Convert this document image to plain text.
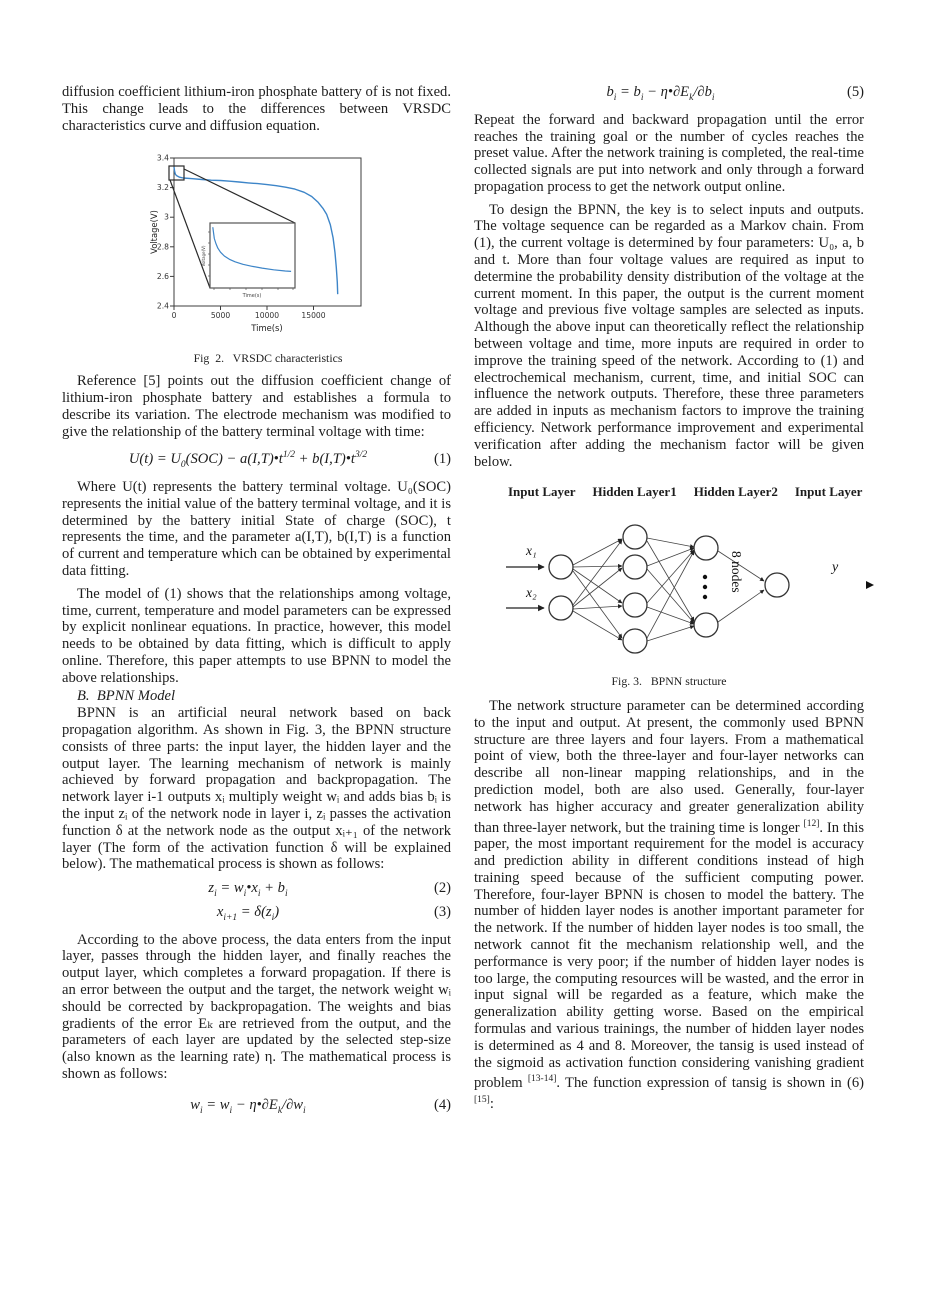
diffusion coefficient lithium-iron phosphate battery of is not fixed. This change leads to the differences between VRSDC characteristics curve and diffusion equation.

3.4
3.2
3
2.8
2.6
2.4
0	5000	10000	15000
Time(s)
Voltage(V)
Time(s)
Voltage(V)
Fig  2.   VRSDC characteristics

Reference [5] points out the diffusion coefficient change of lithium-iron phosphate battery and establishes a formula to describe its variation. The electrode mechanism was modified to give the relationship of the battery terminal voltage with time:

$U(t) = U_0(SOC)$ − $a(I,T)•t^{1/2}$ + $b(I,T)•t^{3/2}$	(1)

Where U(t) represents the battery terminal voltage. U₀(SOC) represents the initial value of the battery terminal voltage, and it is determined by the battery initial State of charge (SOC), t represents the time, and the parameter a(I,T), b(I,T) is a function of current and temperature which can be obtained by experimental data fitting.

The model of (1) shows that the relationships among voltage, time, current, temperature and model parameters can be expressed by explicit nonlinear equations. In practice, however, this model needs to be obtained by data fitting, which is difficult to apply online. Therefore, this paper attempts to use BPNN to model the above relationships.

B.  BPNN Model

BPNN is an artificial neural network based on back propagation algorithm. As shown in Fig. 3, the BPNN structure consists of three parts: the input layer, the hidden layer and the output layer. The learning mechanism of network is mainly achieved by forward propagation and backpropagation. The network layer i-1 outputs xᵢ multiply weight wᵢ and adds bias bᵢ is the input zᵢ of the network node in layer i, zᵢ passes the activation function δ at the network node as the output xᵢ₊₁ of the network layer (The form of the activation function δ will be explained below). The mathematical process is shown as follows:

$z_i$ = $w_i•x_i + b_i$	(2)
$x_{i+1} = \delta(z_i)$	(3)

According to the above process, the data enters from the input layer, passes through the hidden layer, and finally reaches the output layer, which completes a forward propagation. If there is an error between the output and the target, the network weight wᵢ should be corrected by backpropagation. The weights and bias gradients of the error Eₖ are retrieved from the output, and the parameters of each layer are updated by the selected step-size (also known as the learning rate) η. The mathematical process is shown as follows:

$w_i = w_i$ − $\eta•\partial E_k/\partial w_i$	(4)
$b_i = b_i$ − $\eta•\partial E_k/\partial b_i$	(5)

Repeat the forward and backward propagation until the error reaches the training goal or the number of cycles reaches the preset value. After the network training is completed, the real-time collected signals are put into network and only through a forward propagation process to get the network output online.

To design the BPNN, the key is to select inputs and outputs. The voltage sequence can be regarded as a Markov chain. From (1), the current voltage is determined by four parameters: U₀, a, b and t. More than four voltage values are required as input to determine the probability density distribution of the voltage at the current moment. In this paper, the output is the current moment voltage and previous five voltage samples are selected as inputs. Although the above input can theoretically reflect the relationship between voltage and time, more inputs are required in order to improve the training speed of the network. According to (1) and electrochemical mechanism, current, time, and initial SOC can influence the network outputs. Therefore, these three parameters are added in inputs as mechanism factors to improve the training efficiency. Network performance improvement and experimental verification after adding the mechanism factor will be given below.

Input Layer Hidden Layer1 Hidden Layer2 Input Layer
x₁
x₂	8 nodes	y
Fig. 3.   BPNN structure

The network structure parameter can be determined according to the input and output. At present, the commonly used BPNN structure are three layers and four layers. From a mathematical point of view, both the three-layer and four-layer networks can describe all non-linear mapping relationships, and in the prediction model, both are also used. Generally, four-layer network has higher accuracy and greater generalization ability than three-layer network, but the training time is longer [12]. In this paper, the most important requirement for the model is accuracy and prediction ability in different conditions instead of high training speed because of the sufficient computing power. Therefore, four-layer BPNN is chosen to model the battery. The number of hidden layer nodes is another important parameter for the network. If the number of hidden layer nodes is too small, the network cannot fit the mechanism relationship well, and the performance is very poor; if the number of hidden layer nodes is too large, the computing resources will be wasted, and the error in input signal will be regarded as a feature, which make the generalization ability getting worse. Based on the empirical formulas and various trainings, the number of hidden layer nodes is determined as 4 and 8. Moreover, the tansig is used instead of the sigmoid as activation function considering vanishing gradient problem [13-14]. The function expression of tansig is shown in (6) [15]:
